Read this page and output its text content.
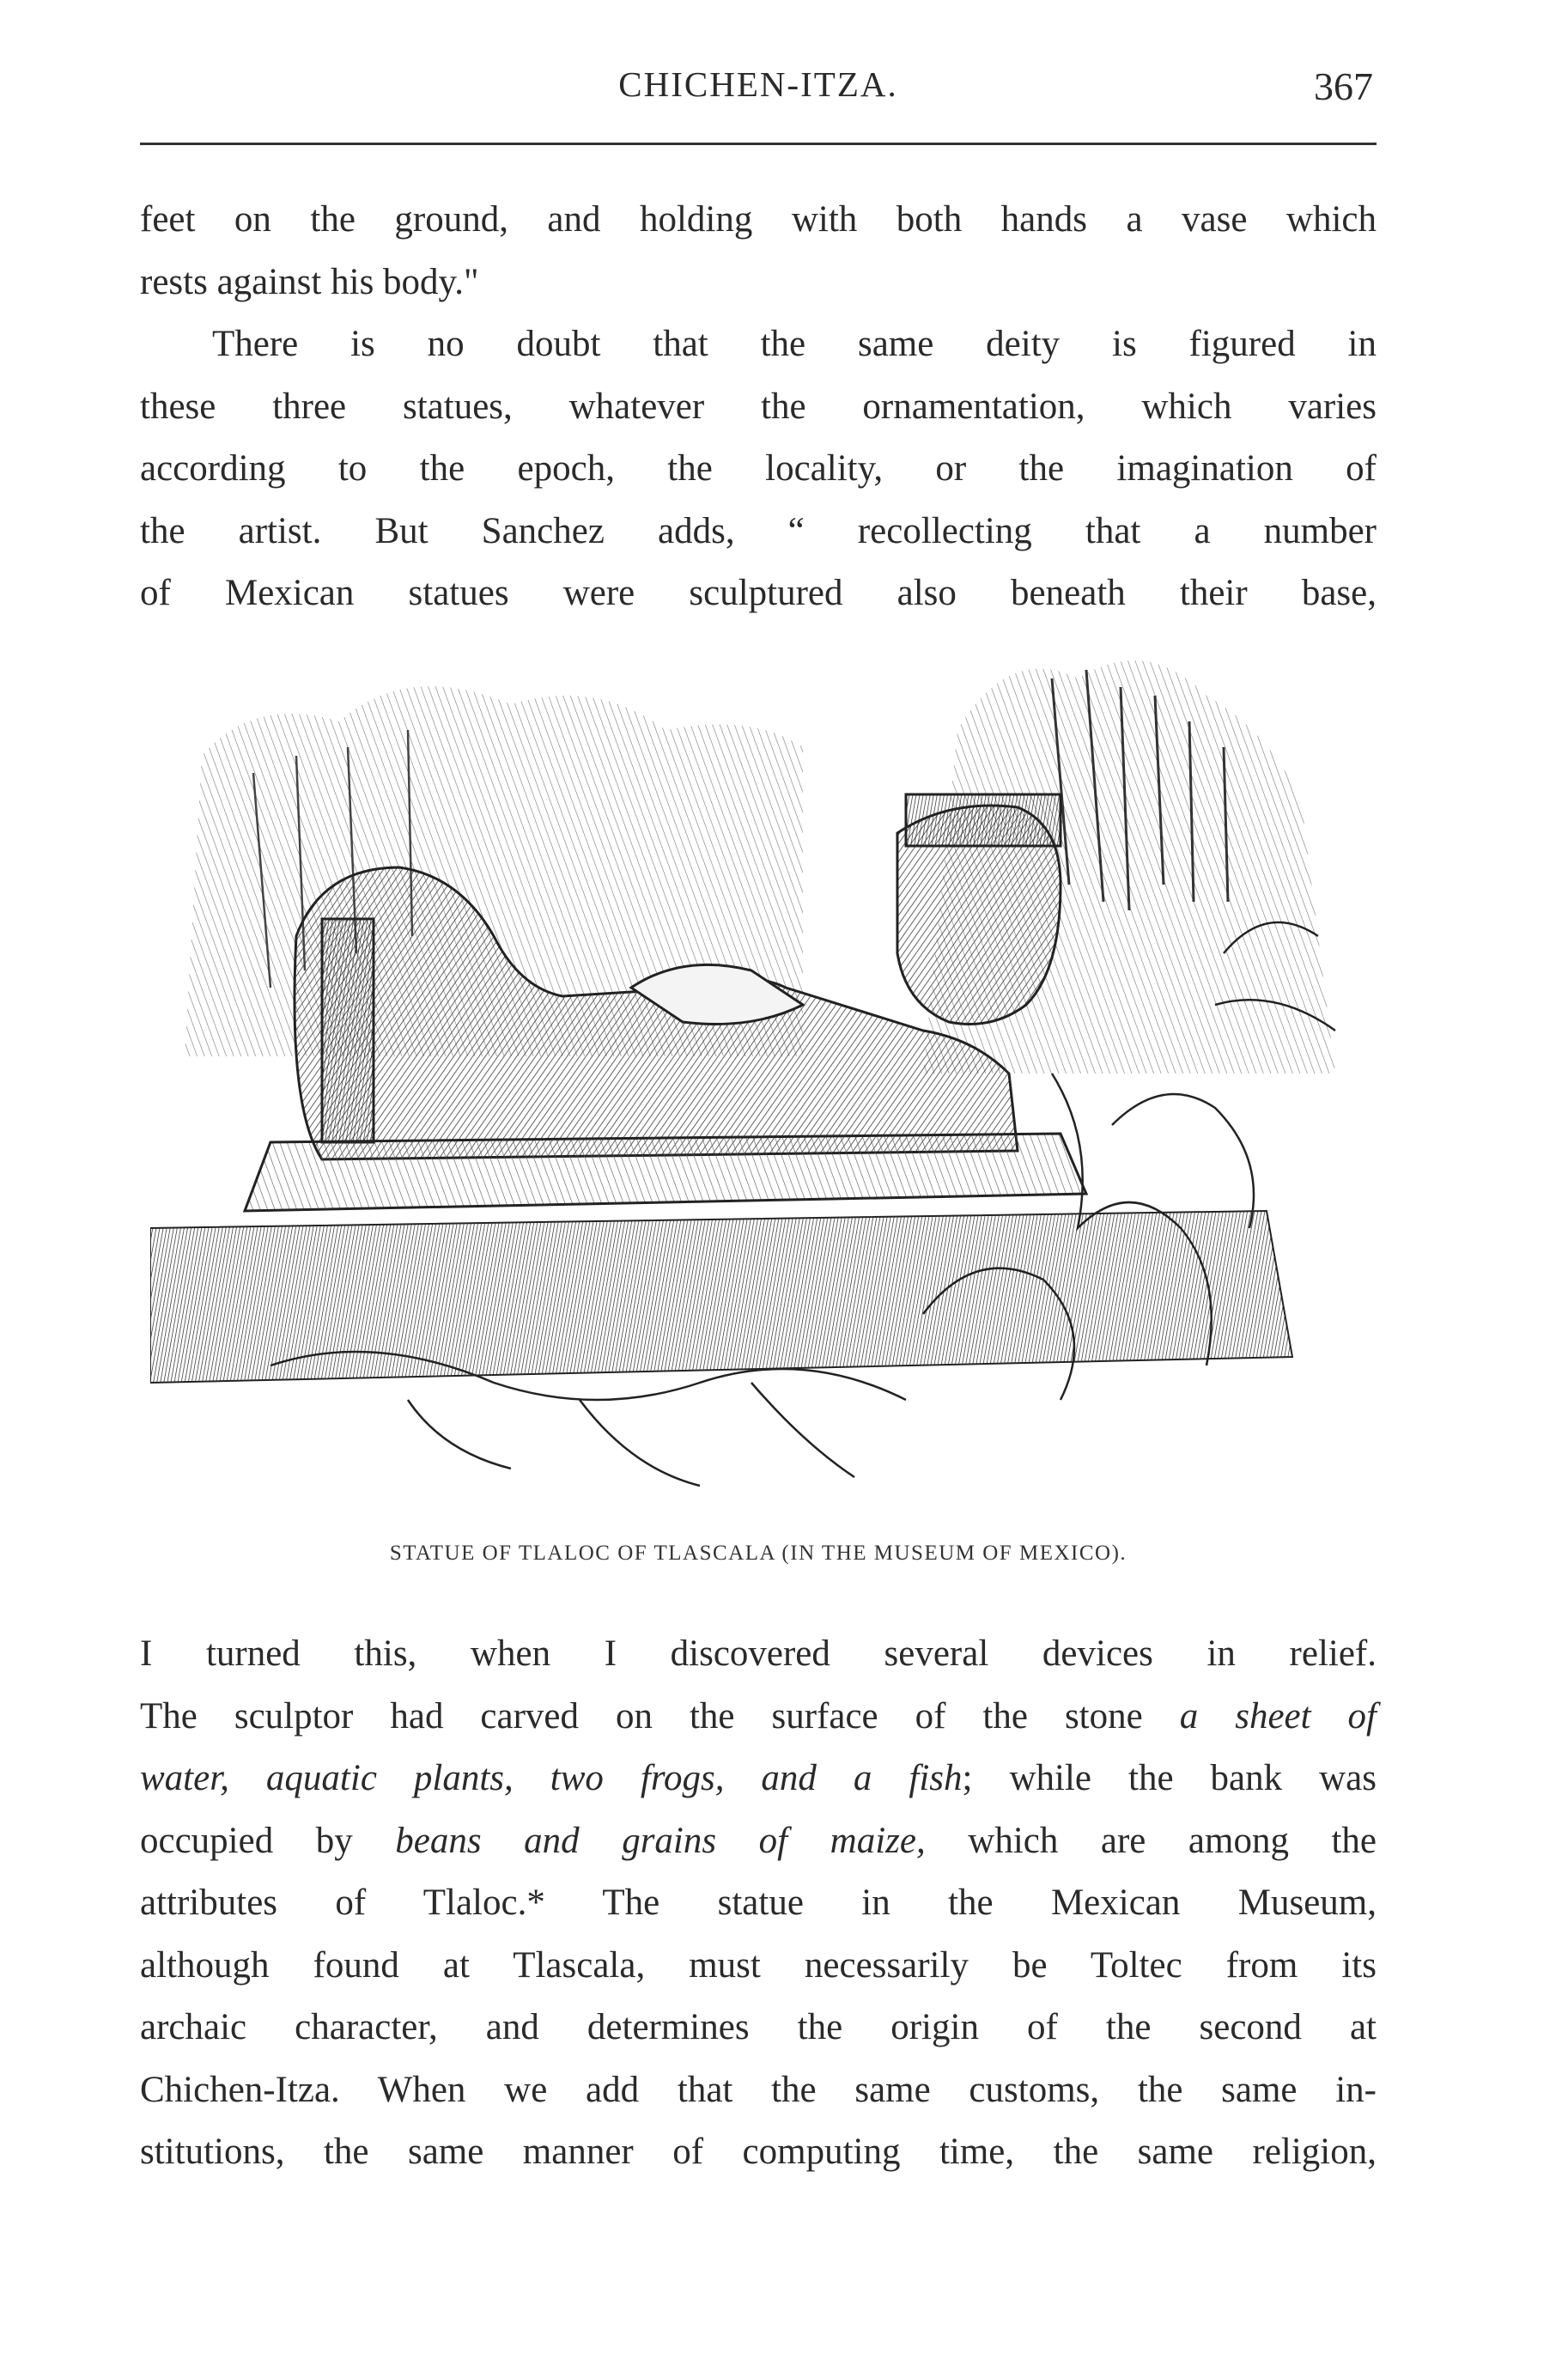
CHICHEN-ITZA.	367

feet on the ground, and holding with both hands a vase which
rests against his body."

There is no doubt that the same deity is figured in
these three statues, whatever the ornamentation, which varies
according to the epoch, the locality, or the imagination of
the artist. But Sanchez adds, “ recollecting that a number
of Mexican statues were sculptured also beneath their base,

STATUE OF TLALOC OF TLASCALA (IN THE MUSEUM OF MEXICO).

I turned this, when I discovered several devices in relief.
The sculptor had carved on the surface of the stone a sheet of
water, aquatic plants, two frogs, and a fish; while the bank was
occupied by beans and grains of maize, which are among the
attributes of Tlaloc.* The statue in the Mexican Museum,
although found at Tlascala, must necessarily be Toltec from its
archaic character, and determines the origin of the second at
Chichen-Itza. When we add that the same customs, the same in-
stitutions, the same manner of computing time, the same religion,
